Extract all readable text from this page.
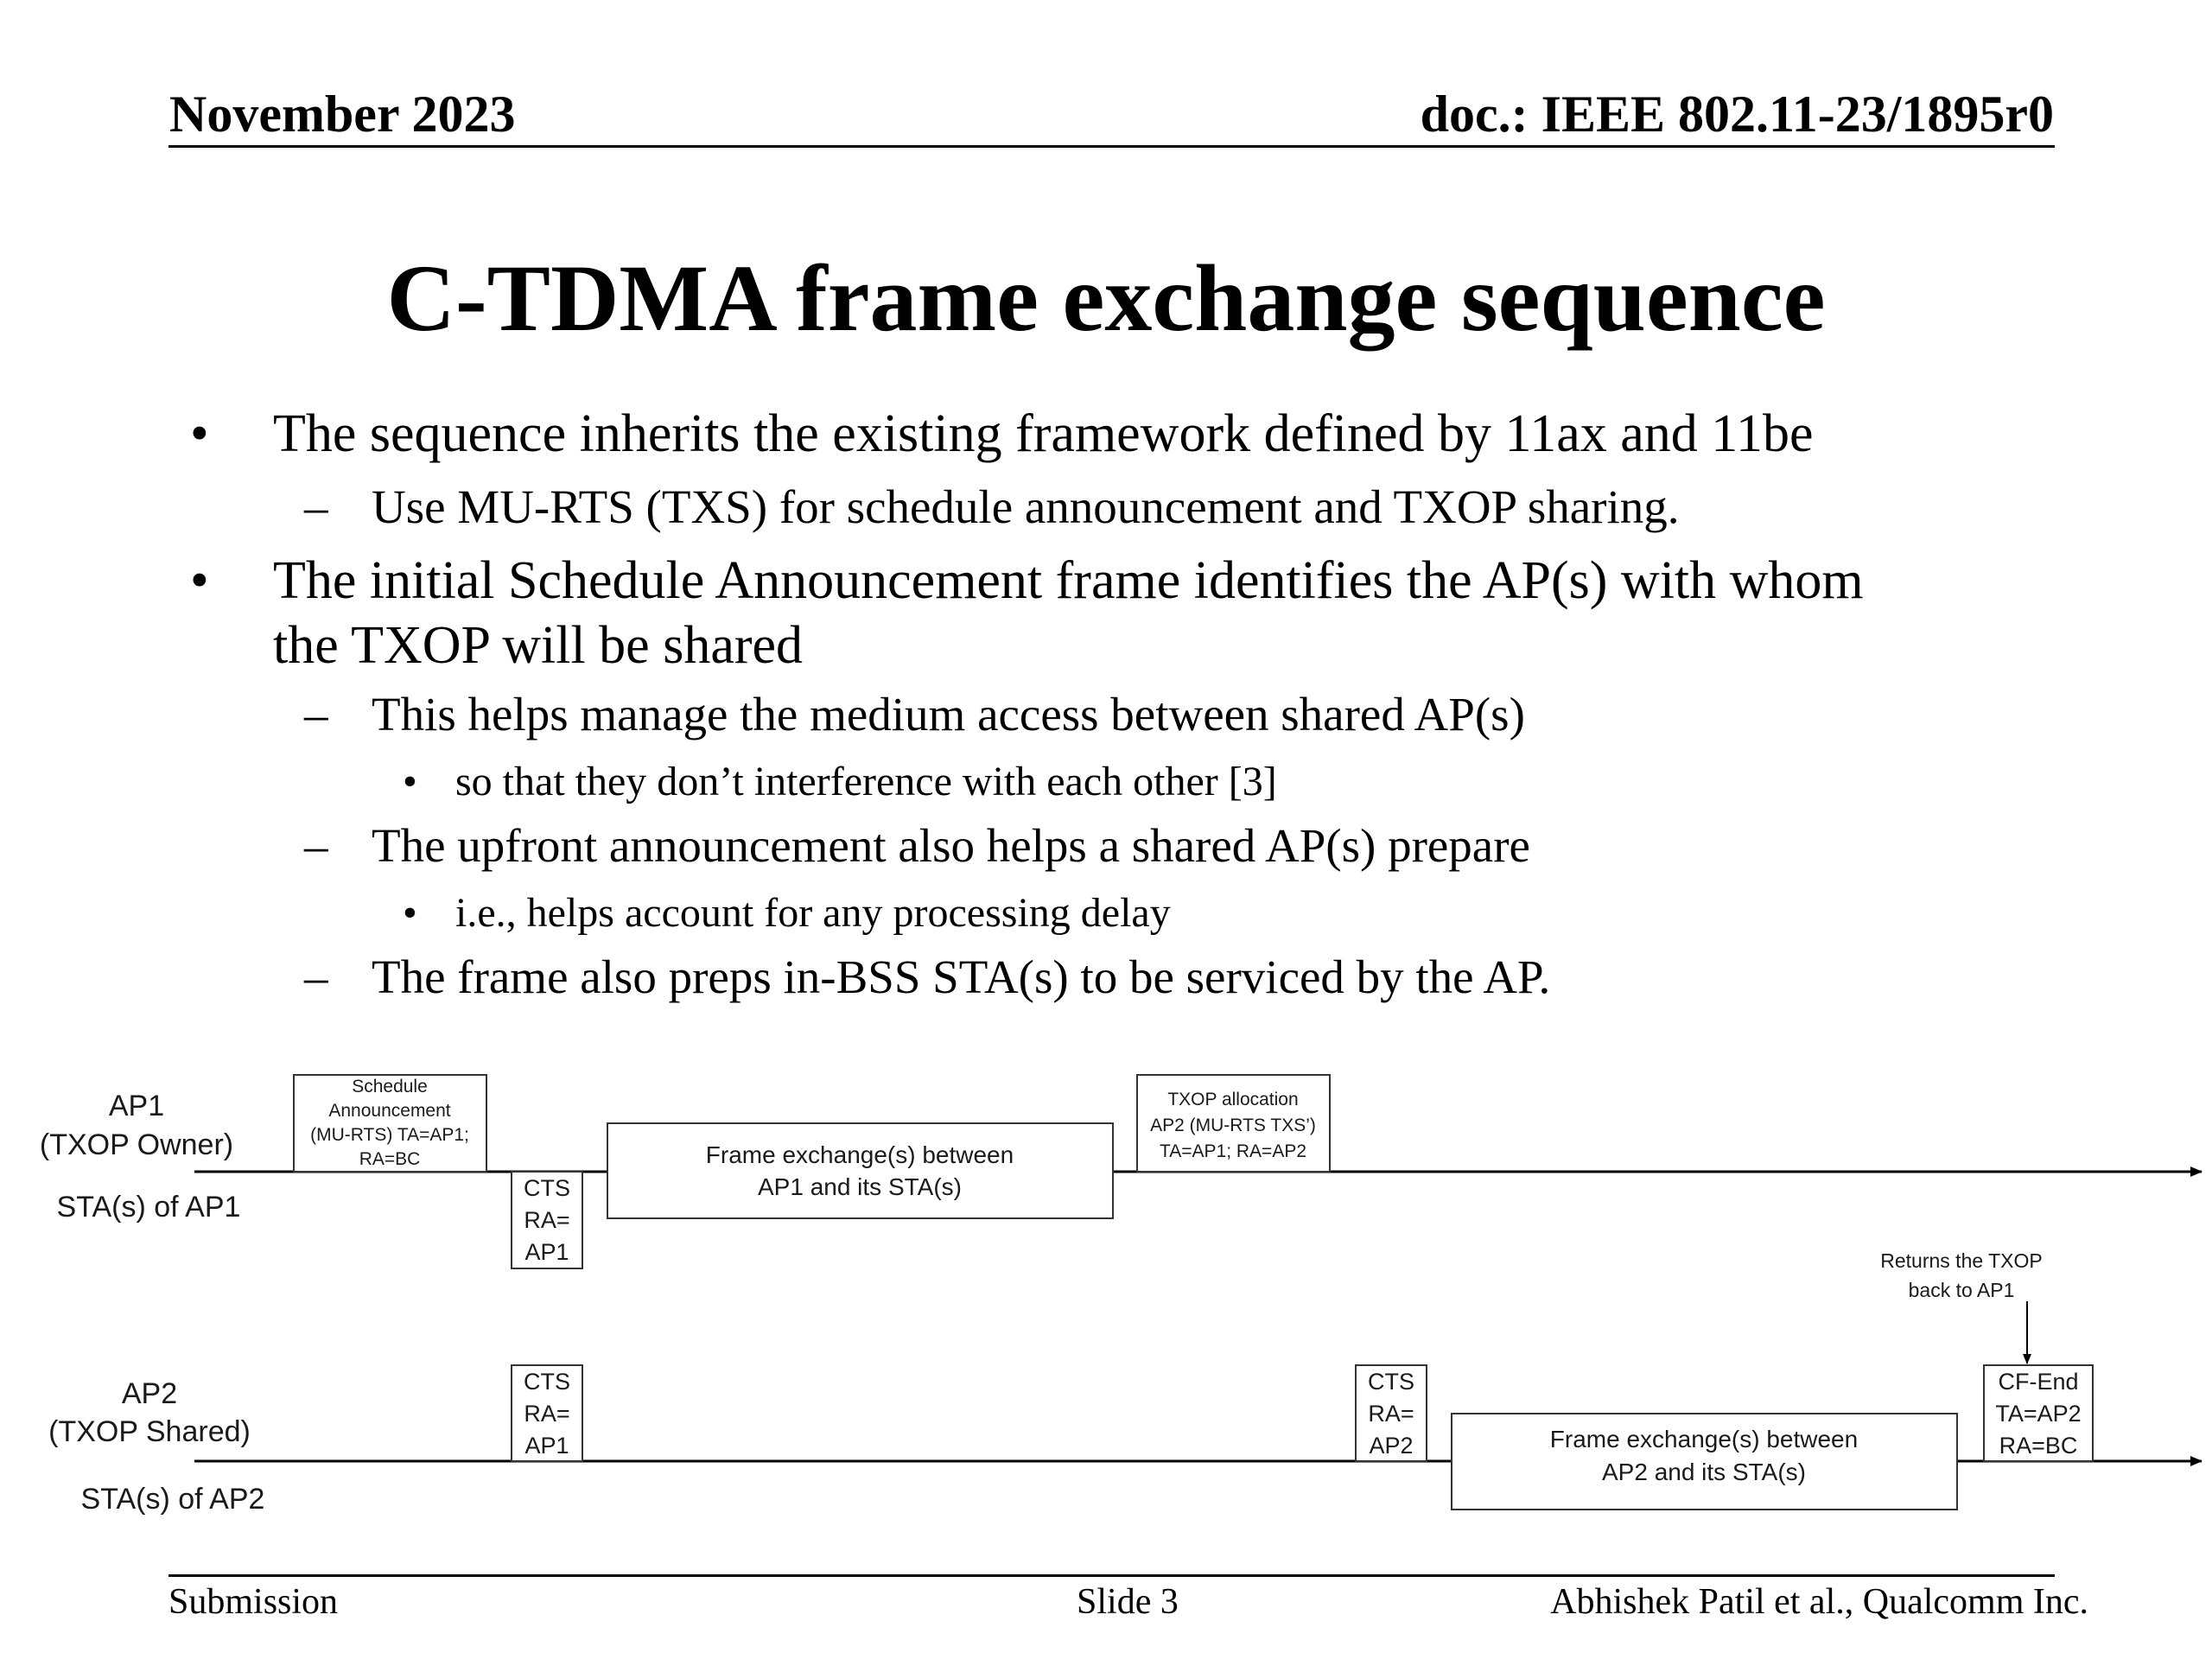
November 2023	doc.: IEEE 802.11-23/1895r0
C-TDMA frame exchange sequence
• The sequence inherits the existing framework defined by 11ax and 11be
– Use MU-RTS (TXS) for schedule announcement and TXOP sharing.
• The initial Schedule Announcement frame identifies the AP(s) with whom
the TXOP will be shared
– This helps manage the medium access between shared AP(s)
• so that they don’t interference with each other [3]
– The upfront announcement also helps a shared AP(s) prepare
• i.e., helps account for any processing delay
– The frame also preps in-BSS STA(s) to be serviced by the AP.
AP1
(TXOP Owner)
STA(s) of AP1
AP2
(TXOP Shared)
STA(s) of AP2
Schedule
Announcement
(MU-RTS) TA=AP1;
RA=BC
CTS
RA=
AP1
Frame exchange(s) between
AP1 and its STA(s)
TXOP allocation
AP2 (MU-RTS TXS’)
TA=AP1; RA=AP2
CTS
RA=
AP1
CTS
RA=
AP2	Frame exchange(s) between
AP2 and its STA(s)
Returns the TXOP
back to AP1
CF-End
TA=AP2
RA=BC
Submission	Slide 3	Abhishek Patil et al., Qualcomm Inc.
